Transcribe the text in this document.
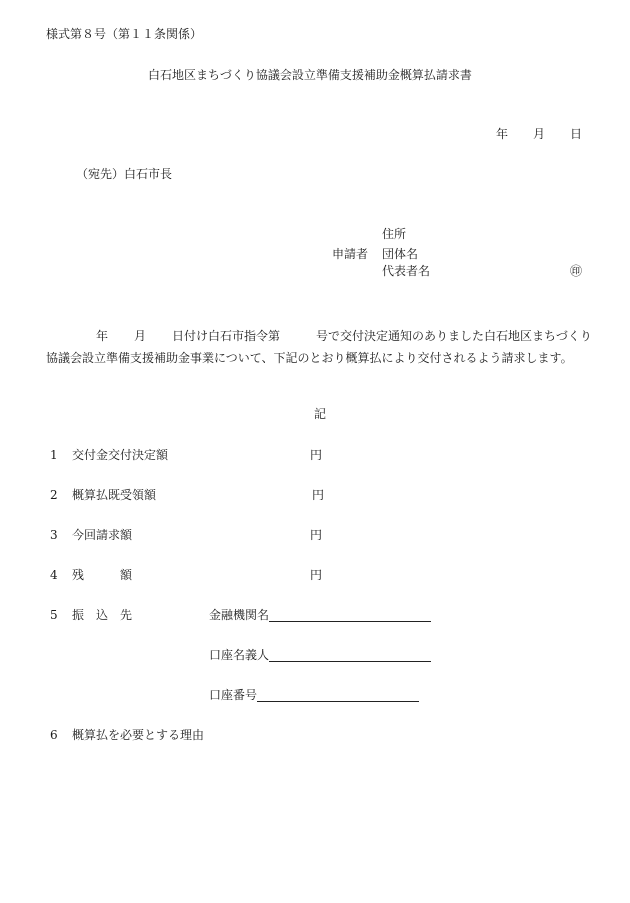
様式第８号（第１１条関係）
白石地区まちづくり協議会設立準備支援補助金概算払請求書
年 月 日
（宛先）白石市長
住所
申請者 団体名
代表者名	㊞
年 月 日付け白石市指令第　　　号で交付決定通知のありました白石地区まちづくり協議会設立準備支援補助金事業について、下記のとおり概算払により交付されるよう請求します。
記
1 交付金交付決定額	円
2 概算払既受領額	円
3 今回請求額	円
4 残　　　額	円
5 振　込　先	金融機関名
口座名義人
口座番号
6 概算払を必要とする理由
